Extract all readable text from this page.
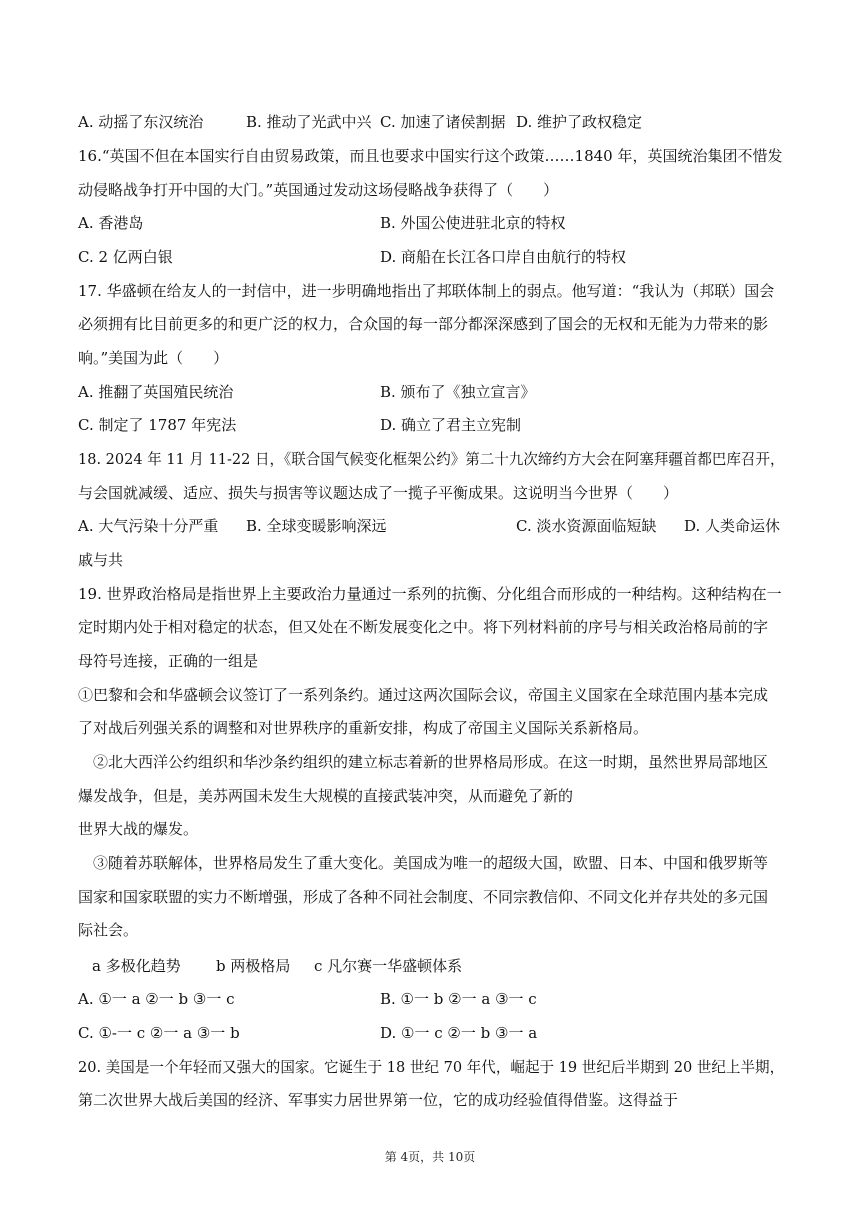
A. 动摇了东汉统治	B. 推动了光武中兴 C. 加速了诸侯割据 D. 维护了政权稳定
16.“英国不但在本国实行自由贸易政策，而且也要求中国实行这个政策……1840 年，英国统治集团不惜发
动侵略战争打开中国的大门。”英国通过发动这场侵略战争获得了（　　）
A. 香港岛	B. 外国公使进驻北京的特权
C. 2 亿两白银	D. 商船在长江各口岸自由航行的特权
17. 华盛顿在给友人的一封信中，进一步明确地指出了邦联体制上的弱点。他写道：“我认为（邦联）国会
必须拥有比目前更多的和更广泛的权力，合众国的每一部分都深深感到了国会的无权和无能为力带来的影
响。”美国为此（　　）
A. 推翻了英国殖民统治	B. 颁布了《独立宣言》
C. 制定了 1787 年宪法	D. 确立了君主立宪制
18. 2024 年 11 月 11-22 日，《联合国气候变化框架公约》第二十九次缔约方大会在阿塞拜疆首都巴库召开，
与会国就减缓、适应、损失与损害等议题达成了一揽子平衡成果。这说明当今世界（　　）
A. 大气污染十分严重 B. 全球变暖影响深远	C. 淡水资源面临短缺 D. 人类命运休
戚与共
19. 世界政治格局是指世界上主要政治力量通过一系列的抗衡、分化组合而形成的一种结构。这种结构在一
定时期内处于相对稳定的状态，但又处在不断发展变化之中。将下列材料前的序号与相关政治格局前的字
母符号连接，正确的一组是
①巴黎和会和华盛顿会议签订了一系列条约。通过这两次国际会议，帝国主义国家在全球范围内基本完成
了对战后列强关系的调整和对世界秩序的重新安排，构成了帝国主义国际关系新格局。
　②北大西洋公约组织和华沙条约组织的建立标志着新的世界格局形成。在这一时期，虽然世界局部地区
爆发战争，但是，美苏两国未发生大规模的直接武装冲突，从而避免了新的
世界大战的爆发。
　③随着苏联解体，世界格局发生了重大变化。美国成为唯一的超级大国，欧盟、日本、中国和俄罗斯等
国家和国家联盟的实力不断增强，形成了各种不同社会制度、不同宗教信仰、不同文化并存共处的多元国
际社会。
a 多极化趋势 b 两极格局 c 凡尔赛一华盛顿体系
A. ①一 a ②一 b ③一 c	B. ①一 b ②一 a ③一 c
C. ①-一 c ②一 a ③一 b	D. ①一 c ②一 b ③一 a
20. 美国是一个年轻而又强大的国家。它诞生于 18 世纪 70 年代，崛起于 19 世纪后半期到 20 世纪上半期，
第二次世界大战后美国的经济、军事实力居世界第一位，它的成功经验值得借鉴。这得益于
第 4页，共 10页
